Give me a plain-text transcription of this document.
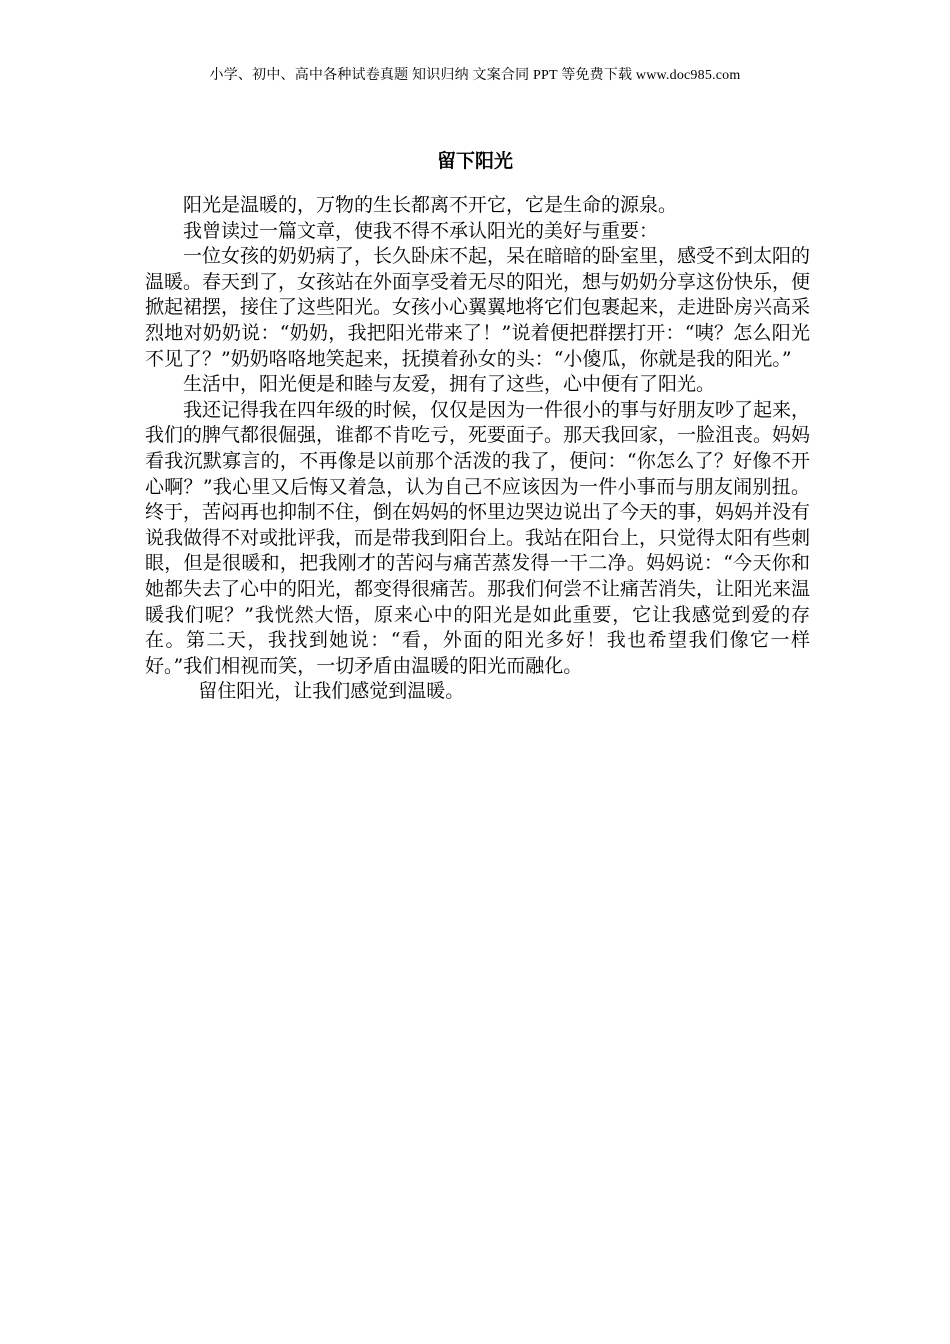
小学、初中、高中各种试卷真题 知识归纳 文案合同 PPT 等免费下载 www.doc985.com
留下阳光

阳光是温暖的，万物的生长都离不开它，它是生命的源泉。

我曾读过一篇文章，使我不得不承认阳光的美好与重要：

一位女孩的奶奶病了，长久卧床不起，呆在暗暗的卧室里，感受不到太阳的温暖。春天到了，女孩站在外面享受着无尽的阳光，想与奶奶分享这份快乐，便掀起裙摆，接住了这些阳光。女孩小心翼翼地将它们包裹起来，走进卧房兴高采烈地对奶奶说：“奶奶，我把阳光带来了！”说着便把群摆打开：“咦？怎么阳光不见了？”奶奶咯咯地笑起来，抚摸着孙女的头：“小傻瓜，你就是我的阳光。”

生活中，阳光便是和睦与友爱，拥有了这些，心中便有了阳光。

我还记得我在四年级的时候，仅仅是因为一件很小的事与好朋友吵了起来，我们的脾气都很倔强，谁都不肯吃亏，死要面子。那天我回家，一脸沮丧。妈妈看我沉默寡言的，不再像是以前那个活泼的我了，便问：“你怎么了？好像不开心啊？”我心里又后悔又着急，认为自己不应该因为一件小事而与朋友闹别扭。终于，苦闷再也抑制不住，倒在妈妈的怀里边哭边说出了今天的事，妈妈并没有说我做得不对或批评我，而是带我到阳台上。我站在阳台上，只觉得太阳有些刺眼，但是很暖和，把我刚才的苦闷与痛苦蒸发得一干二净。妈妈说：“今天你和她都失去了心中的阳光，都变得很痛苦。那我们何尝不让痛苦消失，让阳光来温暖我们呢？”我恍然大悟，原来心中的阳光是如此重要，它让我感觉到爱的存在。第二天，我找到她说：“看，外面的阳光多好！我也希望我们像它一样好。”我们相视而笑，一切矛盾由温暖的阳光而融化。

留住阳光，让我们感觉到温暖。
